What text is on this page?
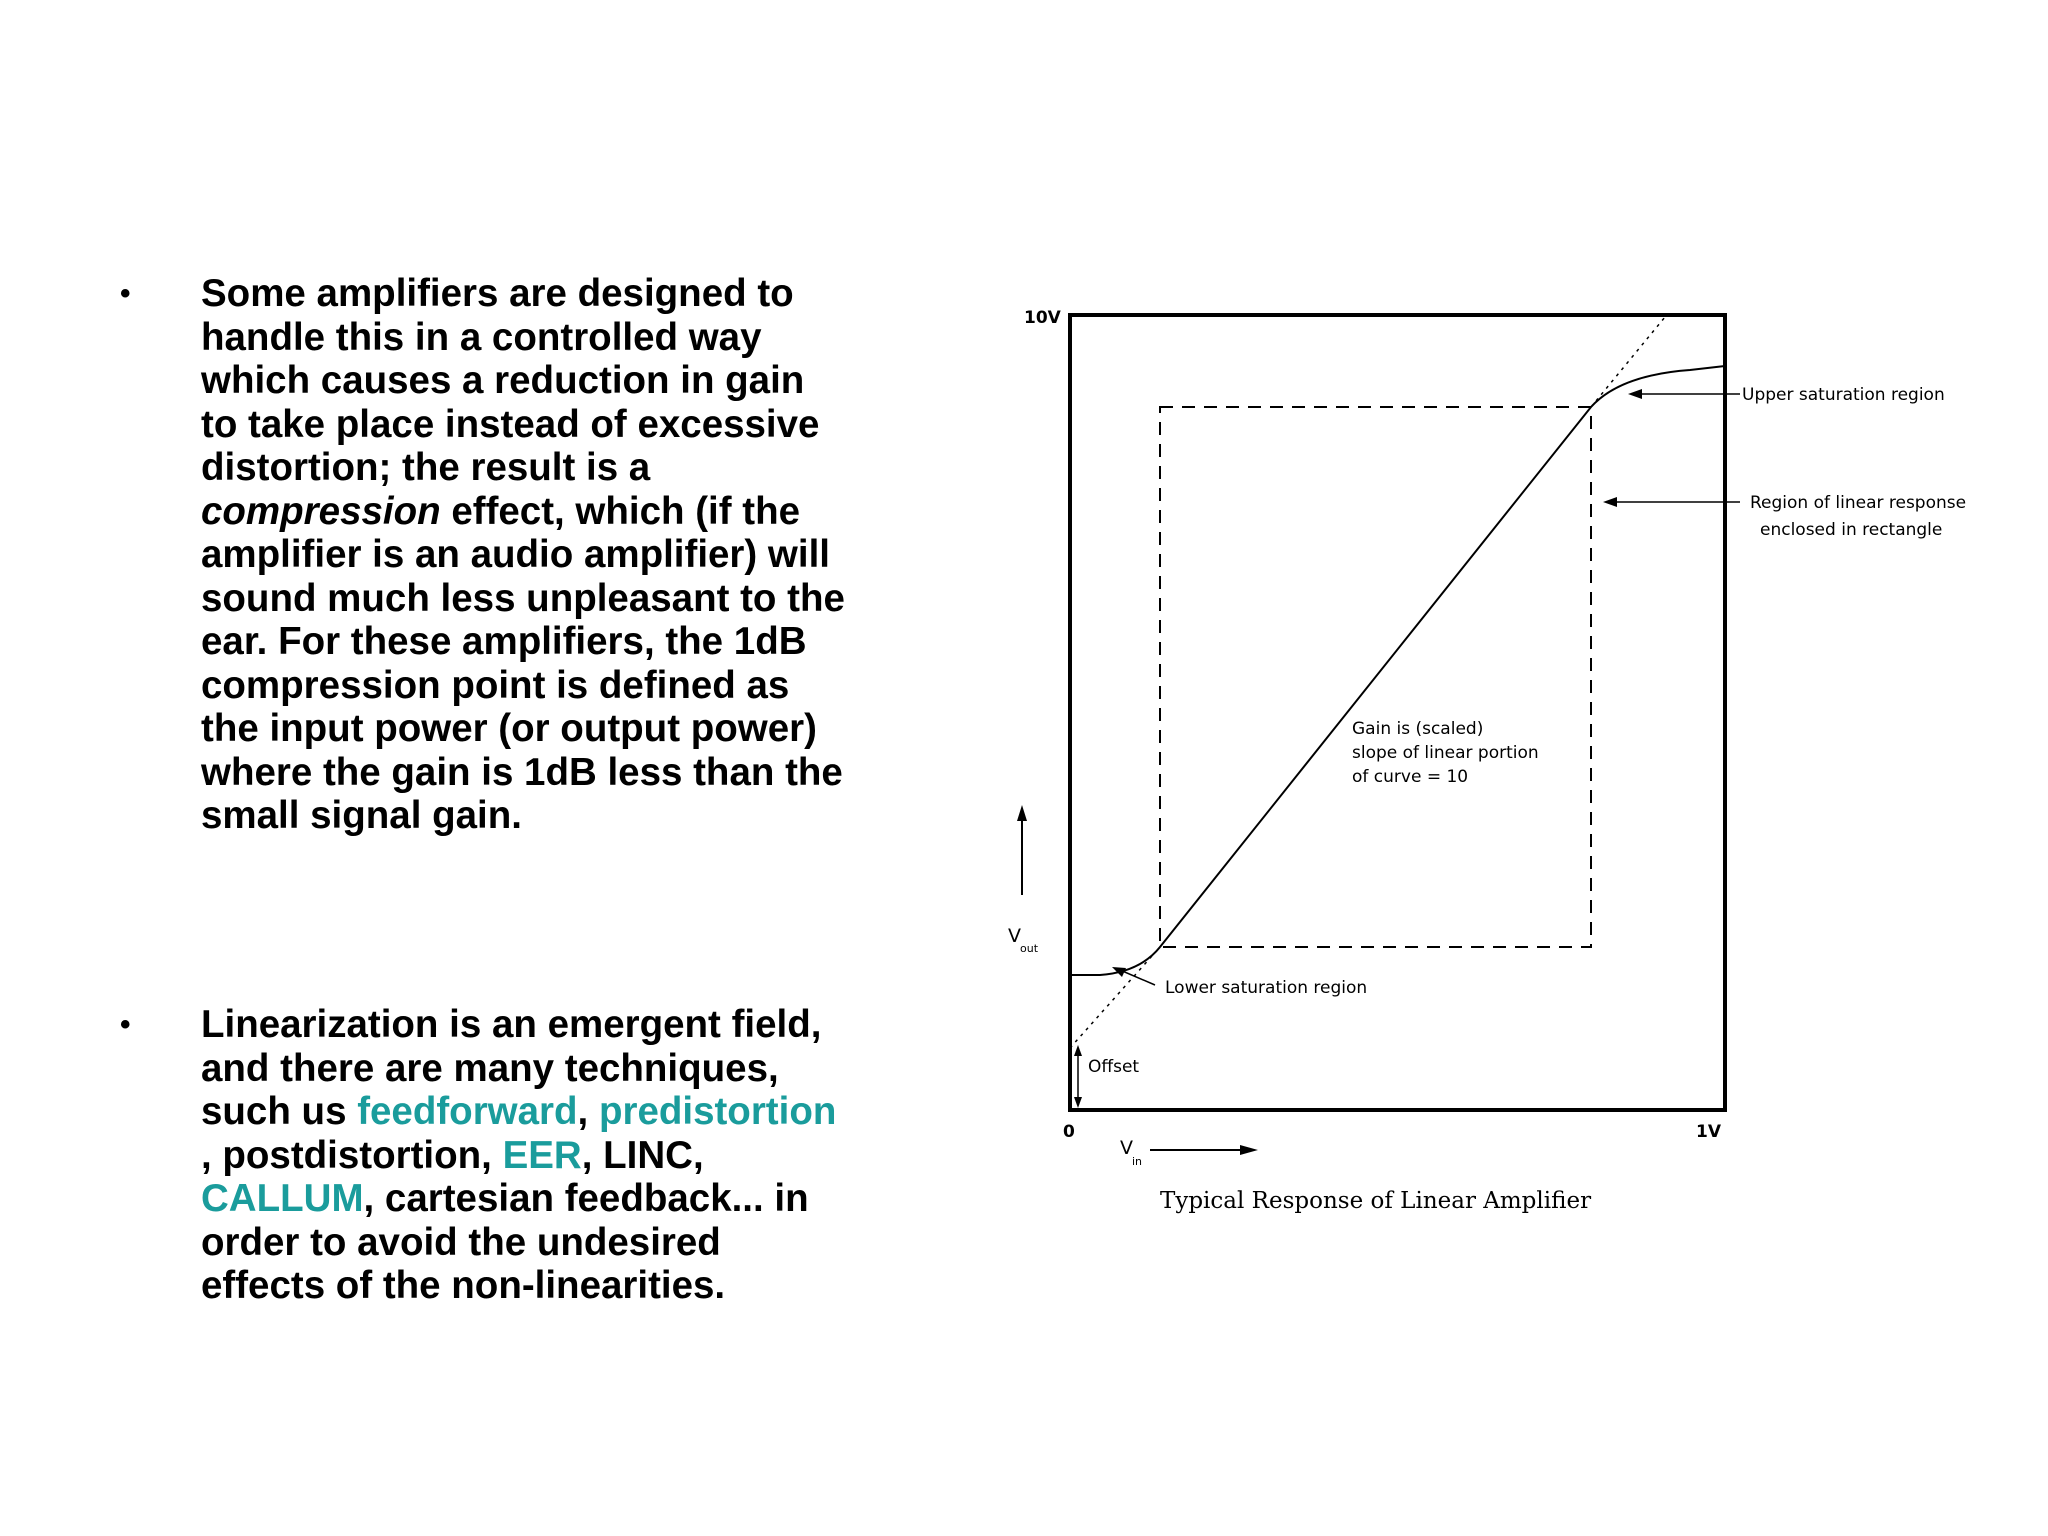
• Some amplifiers are designed to
handle this in a controlled way
which causes a reduction in gain
to take place instead of excessive
distortion; the result is a
compression effect, which (if the
amplifier is an audio amplifier) will
sound much less unpleasant to the
ear. For these amplifiers, the 1dB
compression point is defined as
the input power (or output power)
where the gain is 1dB less than the
small signal gain.
• Linearization is an emergent field,
and there are many techniques,
such us feedforward, predistortion
, postdistortion, EER, LINC,
CALLUM, cartesian feedback... in
order to avoid the undesired
effects of the non-linearities.
10V
0	1V
V
out
V
in
Offset
Upper saturation region
Region of linear response
enclosed in rectangle
Gain is (scaled)
slope of linear portion
of curve = 10
Lower saturation region
Typical Response of Linear Amplifier
